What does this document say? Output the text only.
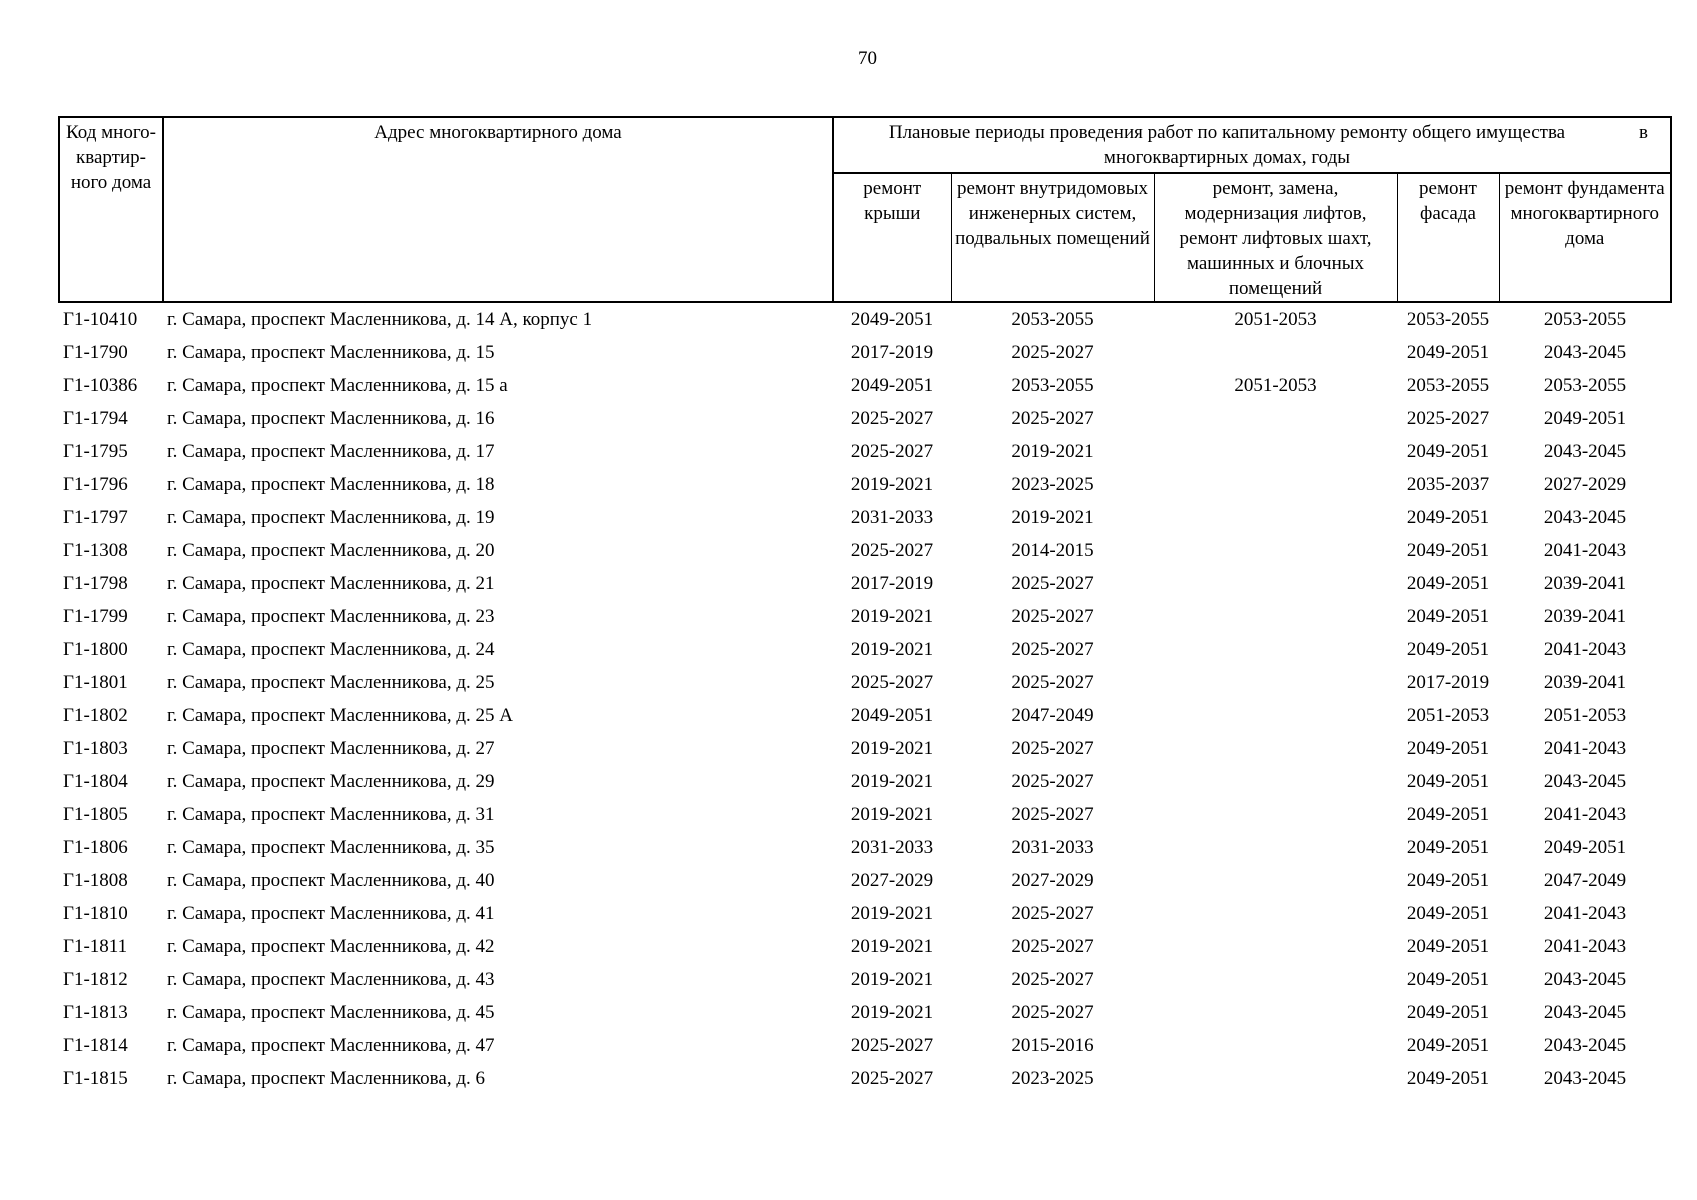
70
Код много-квартир-ного дома	Адрес многоквартирного дома	Плановые периоды проведения работ по капитальному ремонту общего имущества многоквартирных домах, годы
в				

		ремонт крыши	ремонт внутридомовых инженерных систем, подвальных помещений	ремонт, замена, модернизация лифтов, ремонт лифтовых шахт, машинных и блочных помещений	ремонт фасада	ремонт фундамента многоквартирного дома
Г1-10410	г. Самара, проспект Масленникова, д. 14 А, корпус 1	2049-2051	2053-2055	2051-2053	2053-2055	2053-2055
Г1-1790	г. Самара, проспект Масленникова, д. 15	2017-2019	2025-2027		2049-2051	2043-2045
Г1-10386	г. Самара, проспект Масленникова, д. 15 а	2049-2051	2053-2055	2051-2053	2053-2055	2053-2055
Г1-1794	г. Самара, проспект Масленникова, д. 16	2025-2027	2025-2027		2025-2027	2049-2051
Г1-1795	г. Самара, проспект Масленникова, д. 17	2025-2027	2019-2021		2049-2051	2043-2045
Г1-1796	г. Самара, проспект Масленникова, д. 18	2019-2021	2023-2025		2035-2037	2027-2029
Г1-1797	г. Самара, проспект Масленникова, д. 19	2031-2033	2019-2021		2049-2051	2043-2045
Г1-1308	г. Самара, проспект Масленникова, д. 20	2025-2027	2014-2015		2049-2051	2041-2043
Г1-1798	г. Самара, проспект Масленникова, д. 21	2017-2019	2025-2027		2049-2051	2039-2041
Г1-1799	г. Самара, проспект Масленникова, д. 23	2019-2021	2025-2027		2049-2051	2039-2041
Г1-1800	г. Самара, проспект Масленникова, д. 24	2019-2021	2025-2027		2049-2051	2041-2043
Г1-1801	г. Самара, проспект Масленникова, д. 25	2025-2027	2025-2027		2017-2019	2039-2041
Г1-1802	г. Самара, проспект Масленникова, д. 25 А	2049-2051	2047-2049		2051-2053	2051-2053
Г1-1803	г. Самара, проспект Масленникова, д. 27	2019-2021	2025-2027		2049-2051	2041-2043
Г1-1804	г. Самара, проспект Масленникова, д. 29	2019-2021	2025-2027		2049-2051	2043-2045
Г1-1805	г. Самара, проспект Масленникова, д. 31	2019-2021	2025-2027		2049-2051	2041-2043
Г1-1806	г. Самара, проспект Масленникова, д. 35	2031-2033	2031-2033		2049-2051	2049-2051
Г1-1808	г. Самара, проспект Масленникова, д. 40	2027-2029	2027-2029		2049-2051	2047-2049
Г1-1810	г. Самара, проспект Масленникова, д. 41	2019-2021	2025-2027		2049-2051	2041-2043
Г1-1811	г. Самара, проспект Масленникова, д. 42	2019-2021	2025-2027		2049-2051	2041-2043
Г1-1812	г. Самара, проспект Масленникова, д. 43	2019-2021	2025-2027		2049-2051	2043-2045
Г1-1813	г. Самара, проспект Масленникова, д. 45	2019-2021	2025-2027		2049-2051	2043-2045
Г1-1814	г. Самара, проспект Масленникова, д. 47	2025-2027	2015-2016		2049-2051	2043-2045
Г1-1815	г. Самара, проспект Масленникова, д. 6	2025-2027	2023-2025		2049-2051	2043-2045
